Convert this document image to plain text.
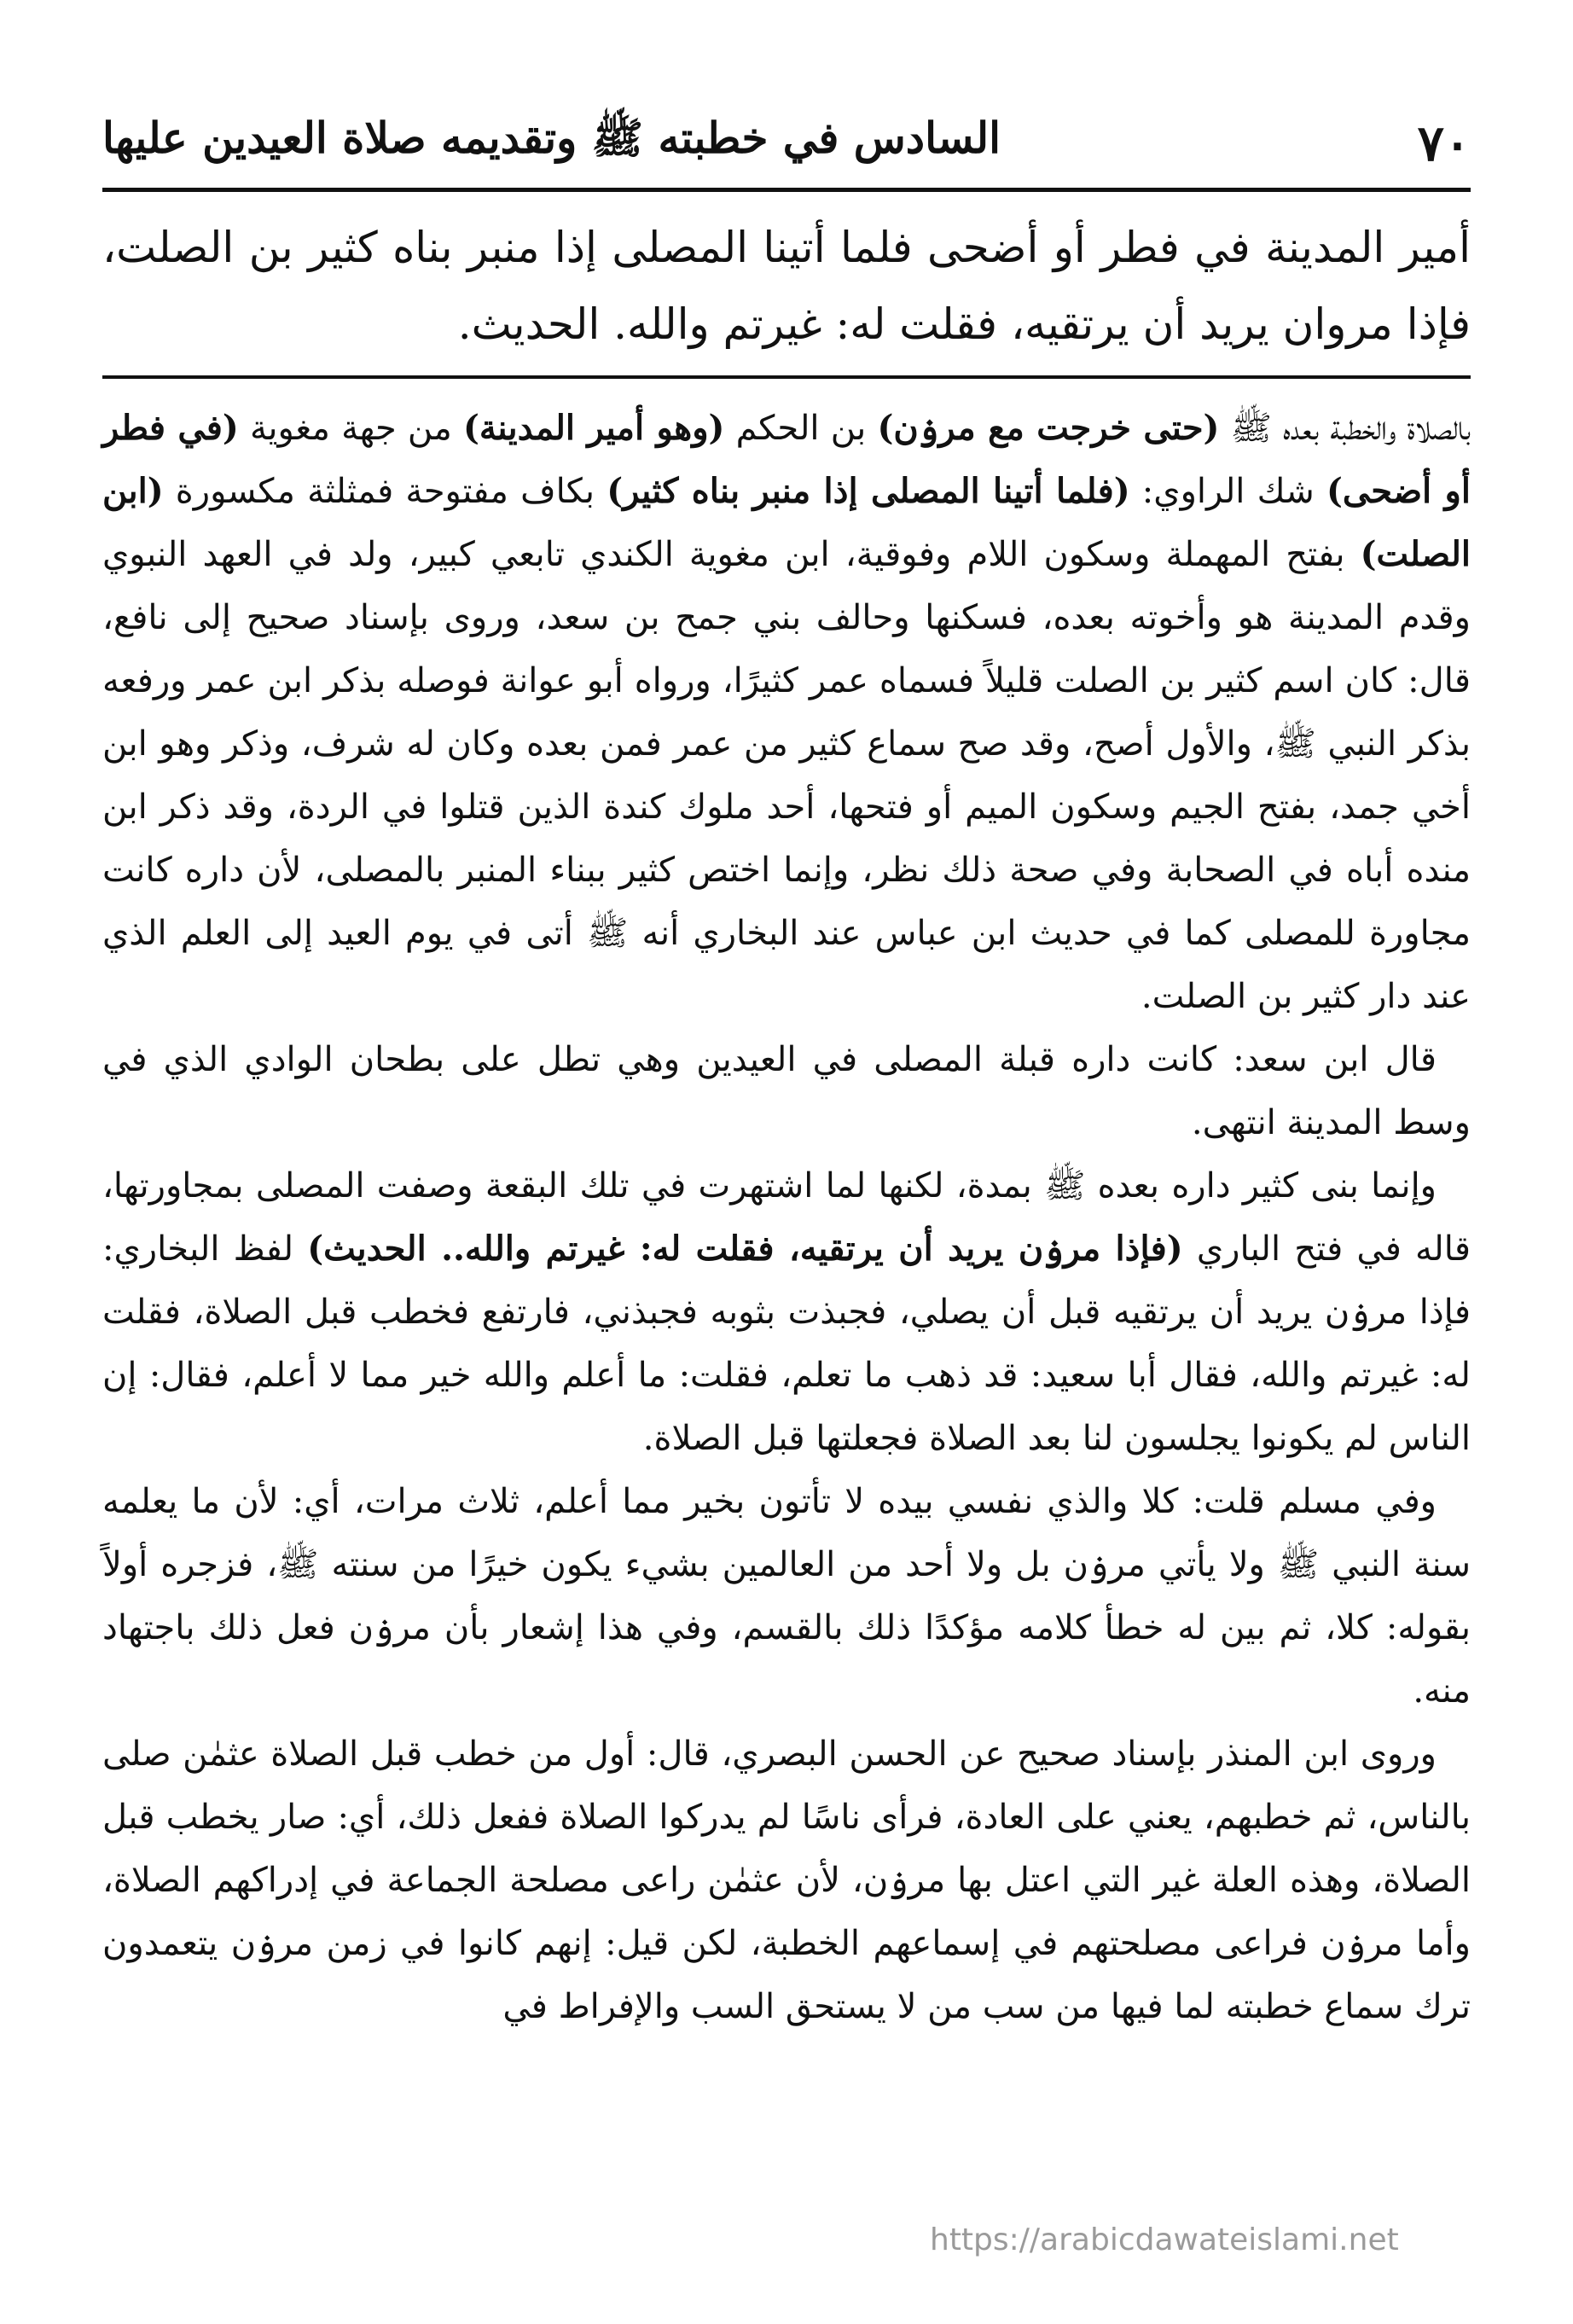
السادس في خطبته ﷺ وتقديمه صلاة العيدين عليها	٧٠
أمير المدينة في فطر أو أضحى فلما أتينا المصلى إذا منبر بناه كثير بن الصلت، فإذا مروان يريد أن يرتقيه، فقلت له: غيرتم والله. الحديث.

بالصلاة والخطبة بعده ﷺ (حتى خرجت مع مرۏن) بن الحكم (وهو أمير المدينة) من جهة مغوية (في فطر أو أضحى) شك الراوي: (فلما أتينا المصلى إذا منبر بناه كثير) بكاف مفتوحة فمثلثة مكسورة (ابن الصلت) بفتح المهملة وسكون اللام وفوقية، ابن مغوية الكندي تابعي كبير، ولد في العهد النبوي وقدم المدينة هو وأخوته بعده، فسكنها وحالف بني جمح بن سعد، وروى بإسناد صحيح إلى نافع، قال: كان اسم كثير بن الصلت قليلاً فسماه عمر كثيرًا، ورواه أبو عوانة فوصله بذكر ابن عمر ورفعه بذكر النبي ﷺ، والأول أصح، وقد صح سماع كثير من عمر فمن بعده وكان له شرف، وذكر وهو ابن أخي جمد، بفتح الجيم وسكون الميم أو فتحها، أحد ملوك كندة الذين قتلوا في الردة، وقد ذكر ابن منده أباه في الصحابة وفي صحة ذلك نظر، وإنما اختص كثير ببناء المنبر بالمصلى، لأن داره كانت مجاورة للمصلى كما في حديث ابن عباس عند البخاري أنه ﷺ أتى في يوم العيد إلى العلم الذي عند دار كثير بن الصلت.

قال ابن سعد: كانت داره قبلة المصلى في العيدين وهي تطل على بطحان الوادي الذي في وسط المدينة انتهى.

وإنما بنى كثير داره بعده ﷺ بمدة، لكنها لما اشتهرت في تلك البقعة وصفت المصلى بمجاورتها، قاله في فتح الباري (فإذا مرۏن يريد أن يرتقيه، فقلت له: غيرتم والله.. الحديث) لفظ البخاري: فإذا مرۏن يريد أن يرتقيه قبل أن يصلي، فجبذت بثوبه فجبذني، فارتفع فخطب قبل الصلاة، فقلت له: غيرتم والله، فقال أبا سعيد: قد ذهب ما تعلم، فقلت: ما أعلم والله خير مما لا أعلم، فقال: إن الناس لم يكونوا يجلسون لنا بعد الصلاة فجعلتها قبل الصلاة.

وفي مسلم قلت: كلا والذي نفسي بيده لا تأتون بخير مما أعلم، ثلاث مرات، أي: لأن ما يعلمه سنة النبي ﷺ ولا يأتي مرۏن بل ولا أحد من العالمين بشيء يكون خيرًا من سنته ﷺ، فزجره أولاً بقوله: كلا، ثم بين له خطأ كلامه مؤكدًا ذلك بالقسم، وفي هذا إشعار بأن مرۏن فعل ذلك باجتهاد منه.

وروى ابن المنذر بإسناد صحيح عن الحسن البصري، قال: أول من خطب قبل الصلاة عثمٰن صلى بالناس، ثم خطبهم، يعني على العادة، فرأى ناسًا لم يدركوا الصلاة ففعل ذلك، أي: صار يخطب قبل الصلاة، وهذه العلة غير التي اعتل بها مرۏن، لأن عثمٰن راعى مصلحة الجماعة في إدراكهم الصلاة، وأما مرۏن فراعى مصلحتهم في إسماعهم الخطبة، لكن قيل: إنهم كانوا في زمن مرۏن يتعمدون ترك سماع خطبته لما فيها من سب من لا يستحق السب والإفراط في

https://arabicdawateislami.net
